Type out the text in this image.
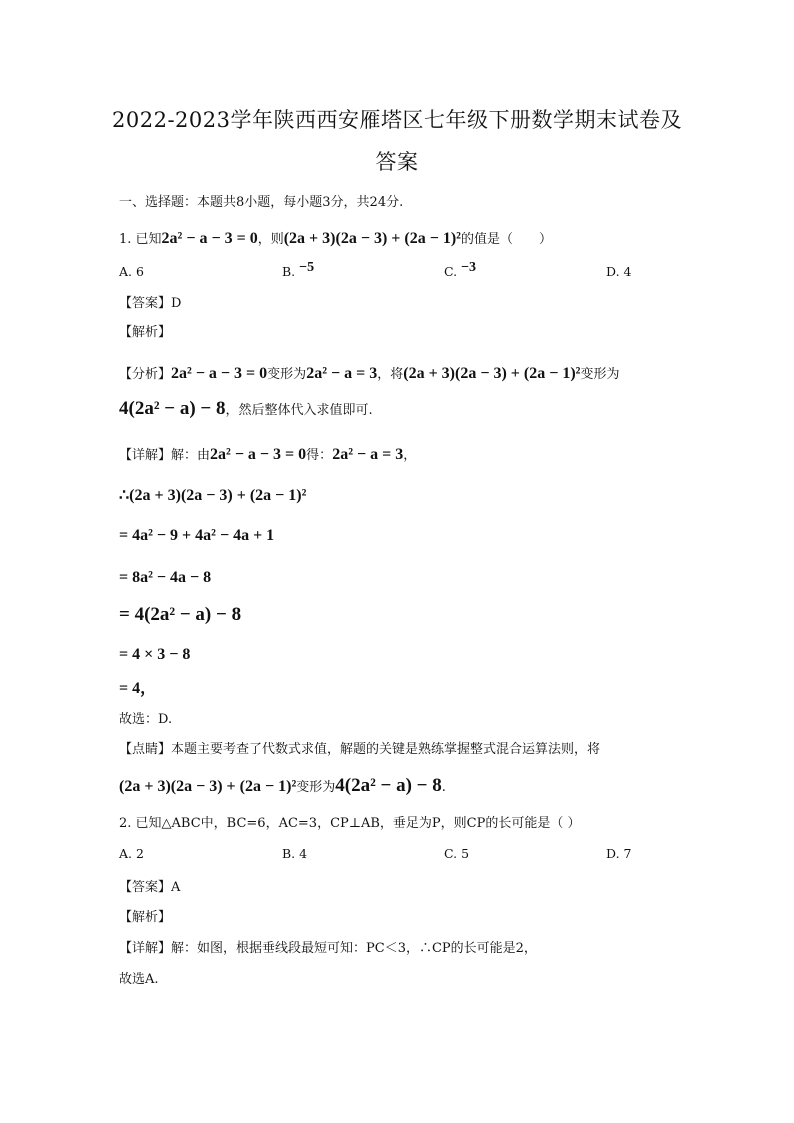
2022-2023学年陕西西安雁塔区七年级下册数学期末试卷及
答案
一、选择题：本题共8小题，每小题3分，共24分.
1. 已知2a² − a − 3 = 0，则(2a + 3)(2a − 3) + (2a − 1)²的值是（　　）
A. 6	B. −5	C. −3	D. 4
【答案】D
【解析】
【分析】2a² − a − 3 = 0变形为2a² − a = 3，将(2a + 3)(2a − 3) + (2a − 1)²变形为
4(2a² − a) − 8，然后整体代入求值即可.
【详解】解：由2a² − a − 3 = 0得：2a² − a = 3，
∴(2a + 3)(2a − 3) + (2a − 1)²
= 4a² − 9 + 4a² − 4a + 1
= 8a² − 4a − 8
= 4(2a² − a) − 8
= 4 × 3 − 8
= 4，
故选：D.
【点睛】本题主要考查了代数式求值，解题的关键是熟练掌握整式混合运算法则，将
(2a + 3)(2a − 3) + (2a − 1)²变形为4(2a² − a) − 8.
2. 已知△ABC中，BC=6，AC=3，CP⊥AB，垂足为P，则CP的长可能是（ ）
A. 2	B. 4	C. 5	D. 7
【答案】A
【解析】
【详解】解：如图，根据垂线段最短可知：PC＜3，∴CP的长可能是2，
故选A.
